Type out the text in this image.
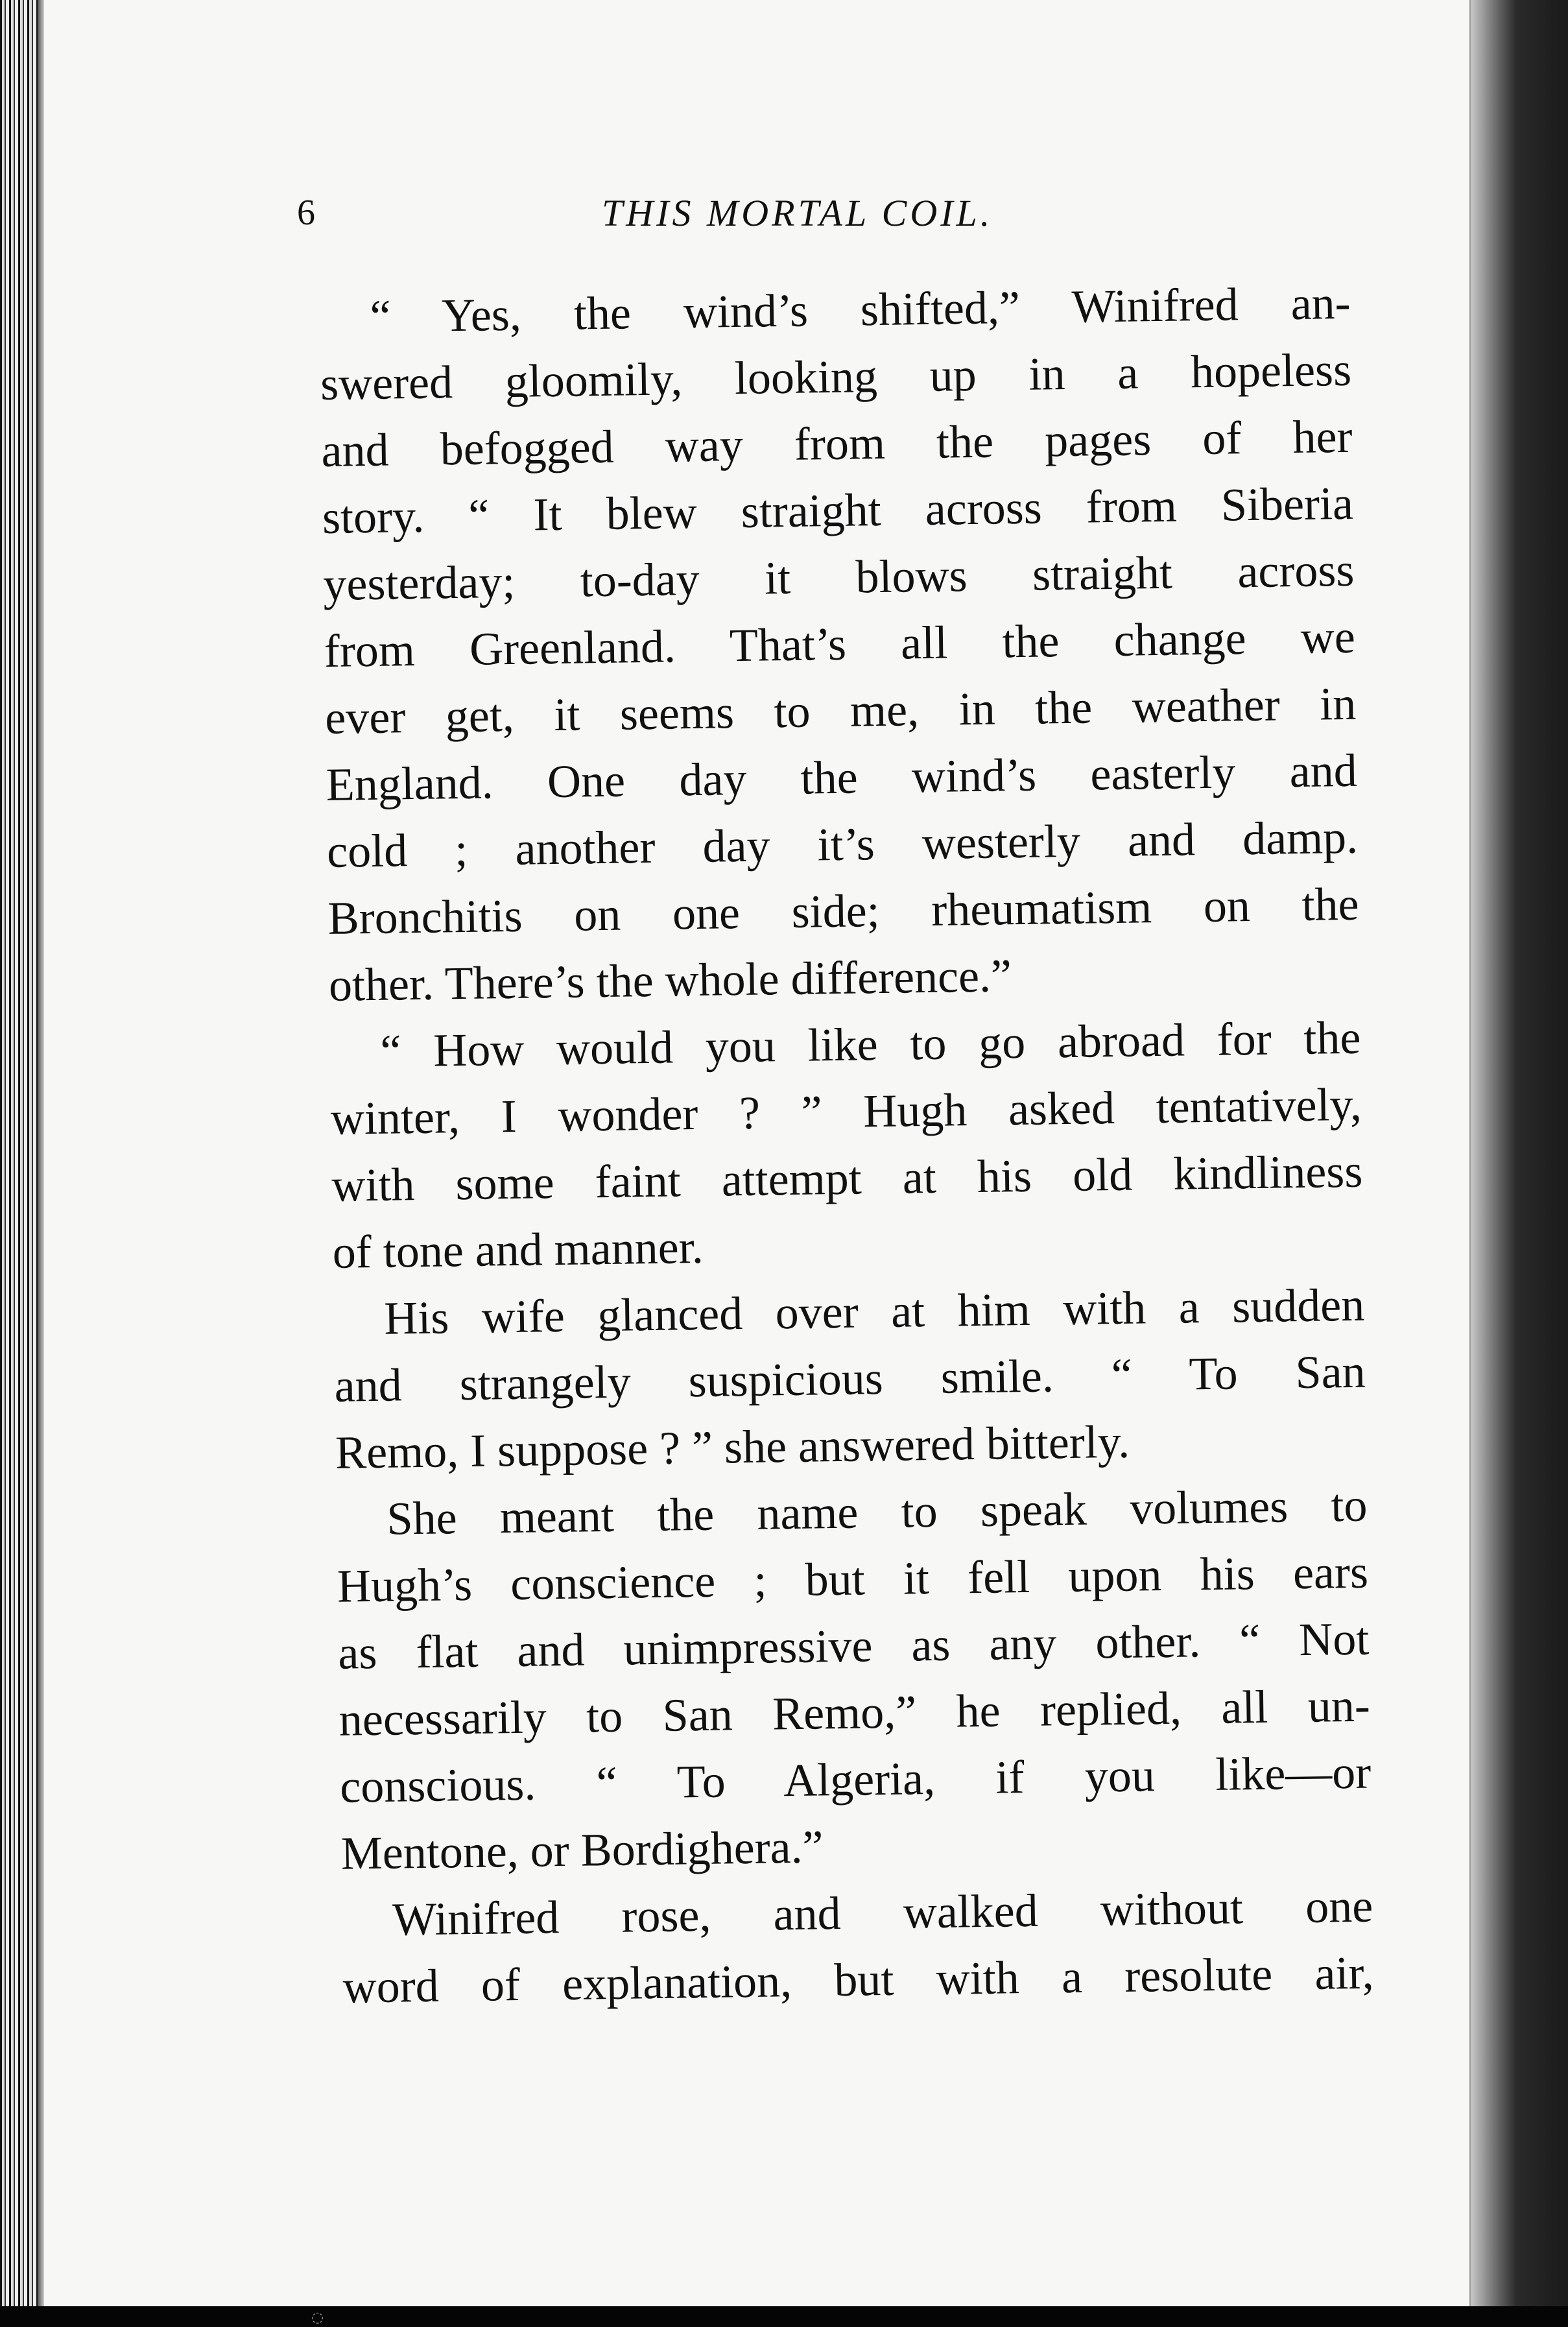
6	THIS MORTAL COIL.
“ Yes, the wind’s shifted,” Winifred an-
swered gloomily, looking up in a hopeless
and befogged way from the pages of her
story. “ It blew straight across from Siberia
yesterday; to-day it blows straight across
from Greenland. That’s all the change we
ever get, it seems to me, in the weather in
England. One day the wind’s easterly and
cold ; another day it’s westerly and damp.
Bronchitis on one side; rheumatism on the
other. There’s the whole difference.”
“ How would you like to go abroad for the
winter, I wonder ? ” Hugh asked tentatively,
with some faint attempt at his old kindliness
of tone and manner.
His wife glanced over at him with a sudden
and strangely suspicious smile. “ To San
Remo, I suppose ? ” she answered bitterly.
She meant the name to speak volumes to
Hugh’s conscience ; but it fell upon his ears
as flat and unimpressive as any other. “ Not
necessarily to San Remo,” he replied, all un-
conscious. “ To Algeria, if you like—or
Mentone, or Bordighera.”
Winifred rose, and walked without one
word of explanation, but with a resolute air,
◌
